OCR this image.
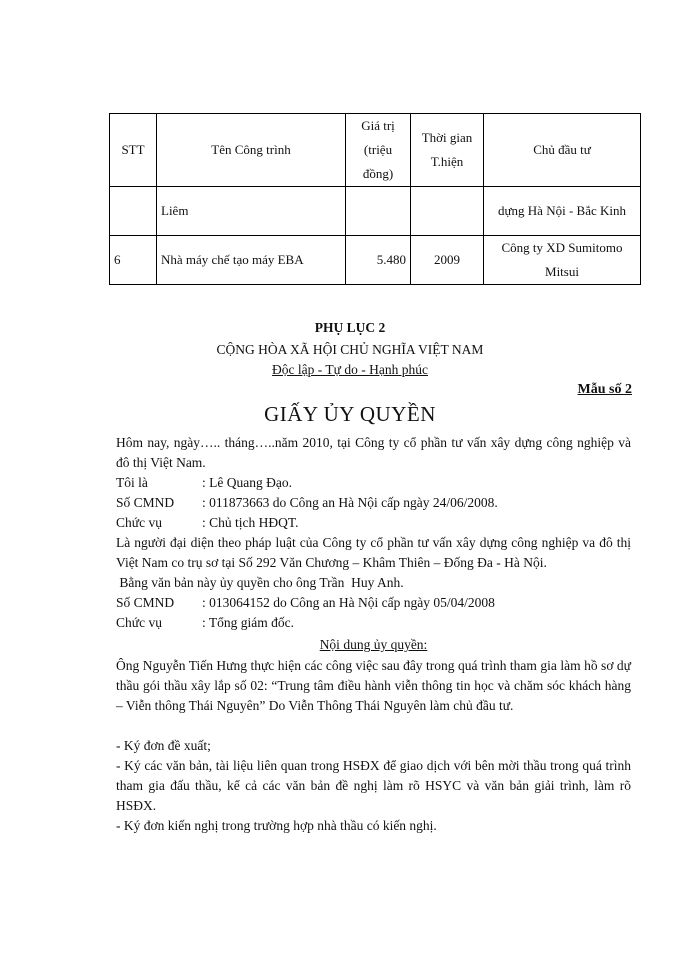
STT	Tên Công trình	Giá trị (triệu đồng)	Thời gian T.hiện	Chủ đầu tư
	Liêm			dựng Hà Nội - Bắc Kinh
6	Nhà máy chế tạo máy EBA	5.480	2009	Công ty XD Sumitomo Mitsui
PHỤ LỤC 2
CỘNG HÒA XÃ HỘI CHỦ NGHĨA VIỆT NAM
Độc lập - Tự do - Hạnh phúc
Mẫu số 2
GIẤY ỦY QUYỀN
Hôm nay, ngày….. tháng…..năm 2010, tại Công ty cổ phần tư vấn xây dựng công nghiệp và đô thị Việt Nam.
Tôi là	: Lê Quang Đạo.
Số CMND	: 011873663 do Công an Hà Nội cấp ngày 24/06/2008.
Chức vụ	: Chủ tịch HĐQT.
Là người đại diện theo pháp luật của Công ty cổ phần tư vấn xây dựng công nghiệp va đô thị Việt Nam co trụ sơ tại Số 292 Văn Chương – Khâm Thiên – Đống Đa - Hà Nội.
Bằng văn bản này ủy quyền cho ông Trần  Huy Anh.
Số CMND	: 013064152 do Công an Hà Nội cấp ngày 05/04/2008
Chức vụ	: Tổng giám đốc.
Nội dung ủy quyền:
Ông Nguyễn Tiến Hưng thực hiện các công việc sau đây trong quá trình tham gia làm hồ sơ dự thầu gói thầu xây lắp số 02: “Trung tâm điều hành viễn thông tin học và chăm sóc khách hàng – Viễn thông Thái Nguyên” Do Viễn Thông Thái Nguyên làm chủ đầu tư.
- Ký đơn đề xuất;
- Ký các văn bản, tài liệu liên quan trong HSĐX để giao dịch với bên mời thầu trong quá trình tham gia đấu thầu, kể cả các văn bản đề nghị làm rõ HSYC và văn bản giải trình, làm rõ HSĐX.
- Ký đơn kiến nghị trong trường hợp nhà thầu có kiến nghị.
